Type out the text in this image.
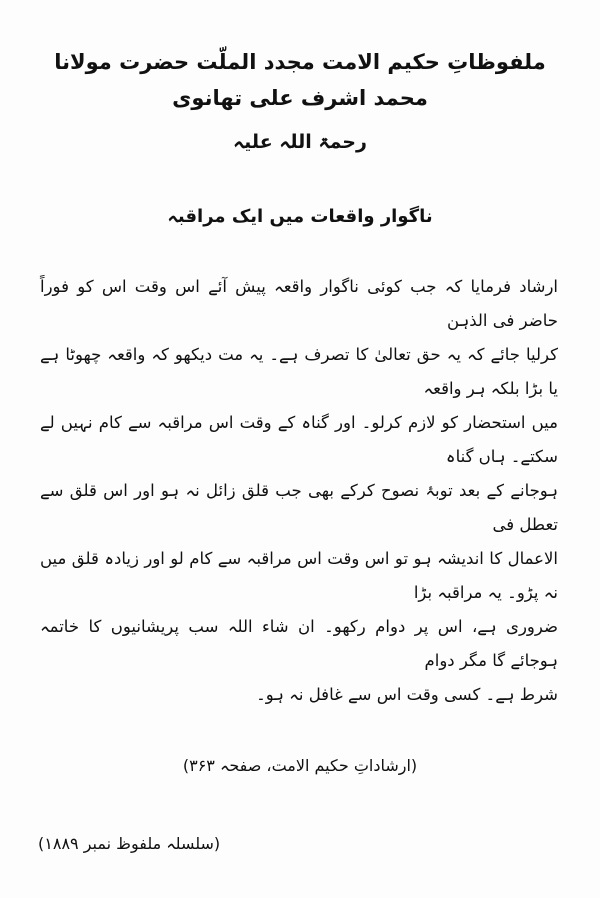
ملفوظاتِ حکیم الامت مجدد الملّت حضرت مولانا محمد اشرف علی تھانوی
رحمۃ اللہ علیہ
ناگوار واقعات میں ایک مراقبہ
ارشاد فرمایا کہ جب کوئی ناگوار واقعہ پیش آئے اس وقت اس کو فوراً حاضر فی الذہن
کرلیا جائے کہ یہ حق تعالیٰ کا تصرف ہے۔ یہ مت دیکھو کہ واقعہ چھوٹا ہے یا بڑا بلکہ ہر واقعہ
میں استحضار کو لازم کرلو۔ اور گناہ کے وقت اس مراقبہ سے کام نہیں لے سکتے۔ ہاں گناہ
ہوجانے کے بعد توبۂ نصوح کرکے بھی جب قلق زائل نہ ہو اور اس قلق سے تعطل فی
الاعمال کا اندیشہ ہو تو اس وقت اس مراقبہ سے کام لو اور زیادہ قلق میں نہ پڑو۔ یہ مراقبہ بڑا
ضروری ہے، اس پر دوام رکھو۔ ان شاء اللہ سب پریشانیوں کا خاتمہ ہوجائے گا مگر دوام
شرط ہے۔ کسی وقت اس سے غافل نہ ہو۔
(ارشاداتِ حکیم الامت، صفحہ ۳۶۳)
(سلسلہ ملفوظ نمبر ۱۸۸۹)
